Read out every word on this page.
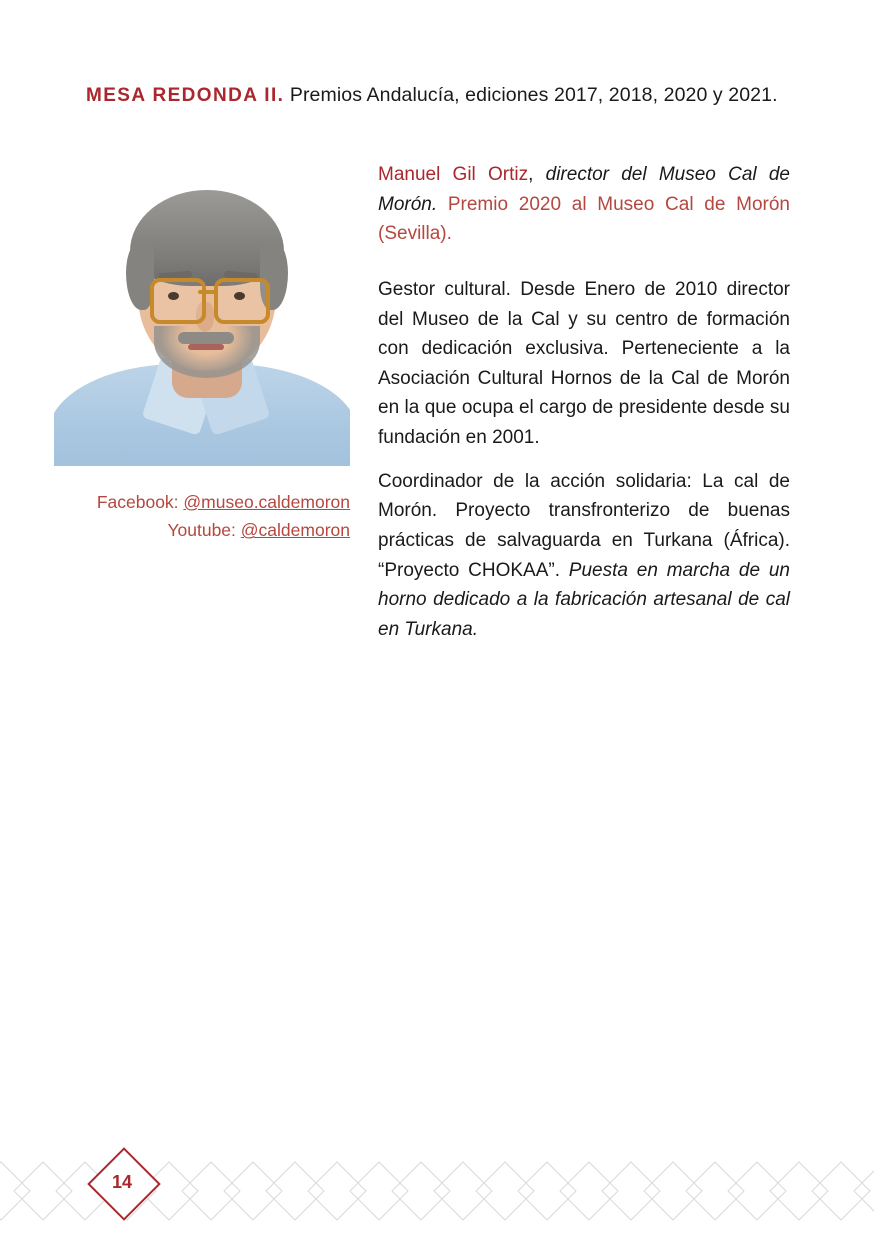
MESA REDONDA II. Premios Andalucía, ediciones 2017, 2018, 2020 y 2021.
Facebook: @museo.caldemoron
Youtube: @caldemoron
Manuel Gil Ortiz, director del Museo Cal de Morón. Premio 2020 al Museo Cal de Morón (Sevilla).

Gestor cultural. Desde Enero de 2010 director del Museo de la Cal y su centro de formación con dedicación exclusiva. Perteneciente a la Asociación Cultural Hornos de la Cal de Morón en la que ocupa el cargo de presidente desde su fundación en 2001.

Coordinador de la acción solidaria: La cal de Morón. Proyecto transfronterizo de buenas prácticas de salvaguarda en Turkana (África). “Proyecto CHOKAA”. Puesta en marcha de un horno dedicado a la fabricación artesanal de cal en Turkana.

14
